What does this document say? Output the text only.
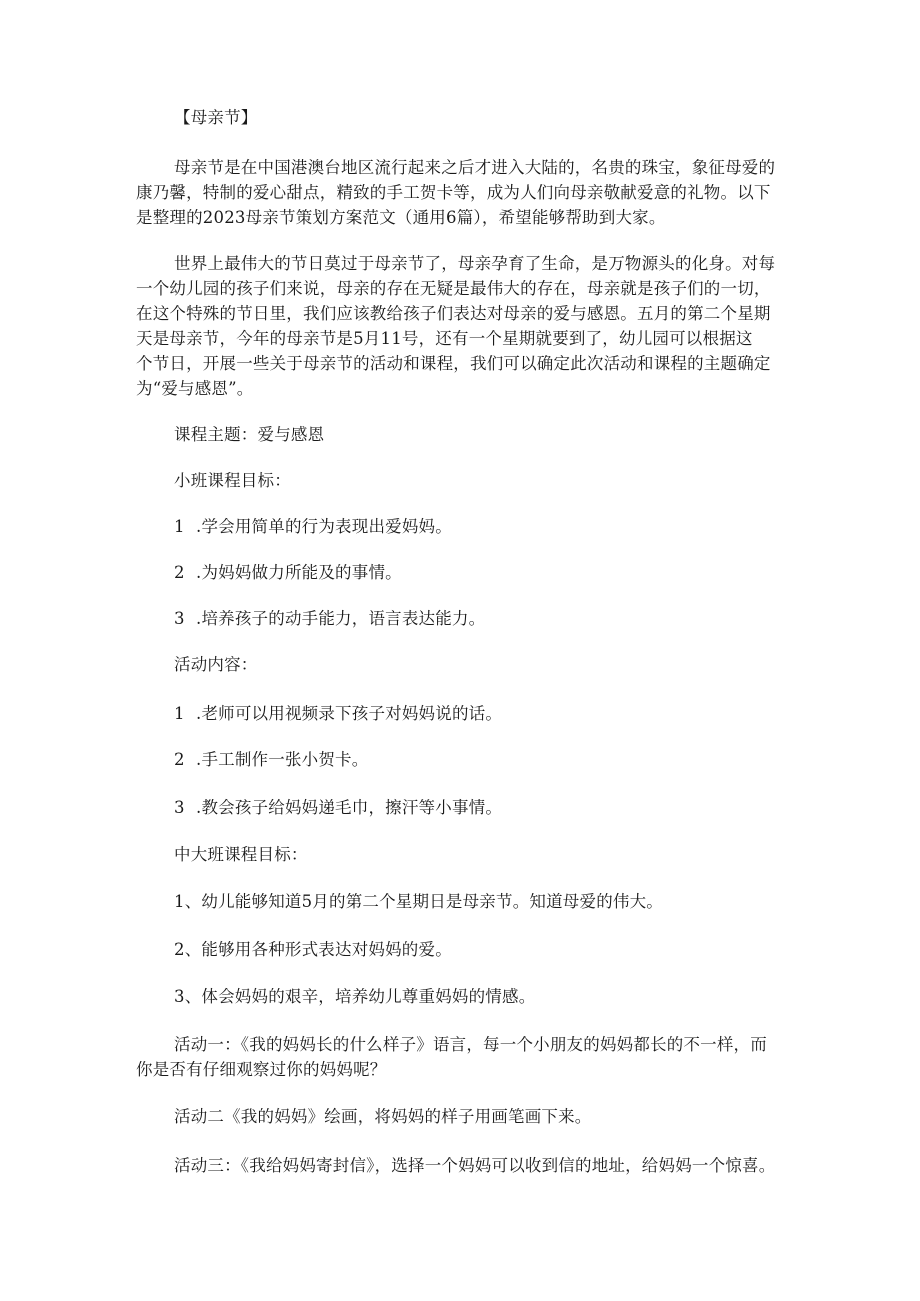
【母亲节】
母亲节是在中国港澳台地区流行起来之后才进入大陆的，名贵的珠宝，象征母爱的
康乃馨，特制的爱心甜点，精致的手工贺卡等，成为人们向母亲敬献爱意的礼物。以下
是整理的2023母亲节策划方案范文（通用6篇），希望能够帮助到大家。
世界上最伟大的节日莫过于母亲节了，母亲孕育了生命，是万物源头的化身。对每
一个幼儿园的孩子们来说，母亲的存在无疑是最伟大的存在，母亲就是孩子们的一切，
在这个特殊的节日里，我们应该教给孩子们表达对母亲的爱与感恩。五月的第二个星期
天是母亲节，今年的母亲节是5月11号，还有一个星期就要到了，幼儿园可以根据这
个节日，开展一些关于母亲节的活动和课程，我们可以确定此次活动和课程的主题确定
为“爱与感恩”。
课程主题：爱与感恩
小班课程目标：
1 .学会用简单的行为表现出爱妈妈。
2 .为妈妈做力所能及的事情。
3 .培养孩子的动手能力，语言表达能力。
活动内容：
1 .老师可以用视频录下孩子对妈妈说的话。
2 .手工制作一张小贺卡。
3 .教会孩子给妈妈递毛巾，擦汗等小事情。
中大班课程目标：
1、幼儿能够知道5月的第二个星期日是母亲节。知道母爱的伟大。
2、能够用各种形式表达对妈妈的爱。
3、体会妈妈的艰辛，培养幼儿尊重妈妈的情感。
活动一：《我的妈妈长的什么样子》语言，每一个小朋友的妈妈都长的不一样，而
你是否有仔细观察过你的妈妈呢？
活动二《我的妈妈》绘画，将妈妈的样子用画笔画下来。
活动三：《我给妈妈寄封信》，选择一个妈妈可以收到信的地址，给妈妈一个惊喜。
